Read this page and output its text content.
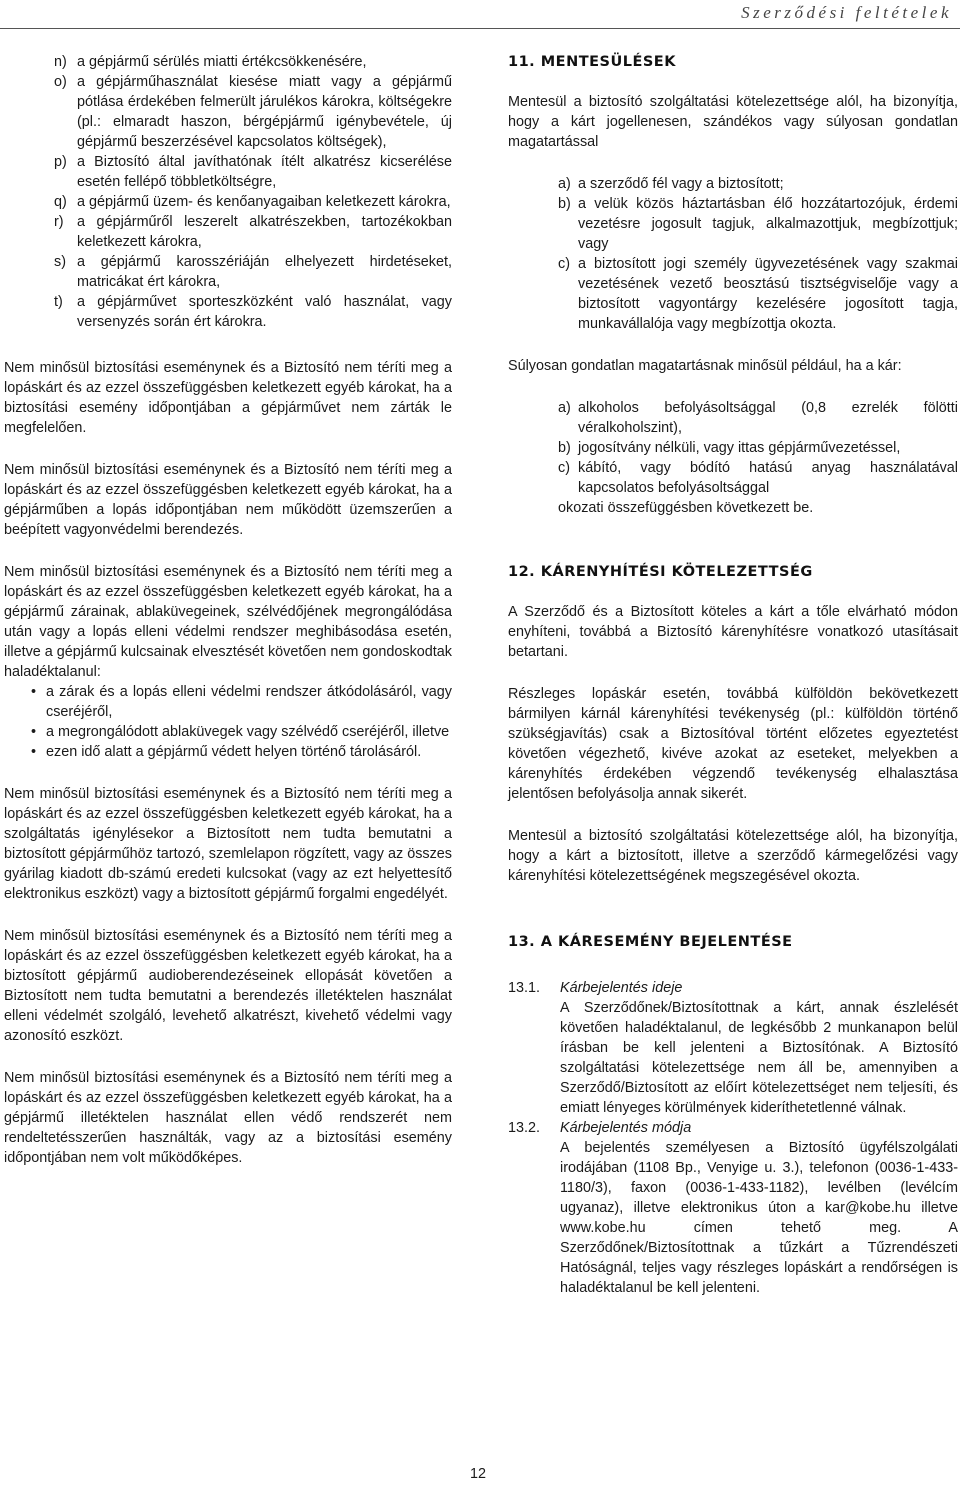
Szerződési feltételek
n) a gépjármű sérülés miatti értékcsökkenésére,
o) a gépjárműhasználat kiesése miatt vagy a gépjármű pótlása érdekében felmerült járulékos károkra, költségekre (pl.: elmaradt haszon, bérgépjármű igénybevétele, új gépjármű beszerzésével kapcsolatos költségek),
p) a Biztosító által javíthatónak ítélt alkatrész kicserélése esetén fellépő többletköltségre,
q) a gépjármű üzem- és kenőanyagaiban keletkezett károkra,
r) a gépjárműről leszerelt alkatrészekben, tartozékokban keletkezett károkra,
s) a gépjármű karosszériáján elhelyezett hirdetéseket, matricákat ért károkra,
t) a gépjárművet sporteszközként való használat, vagy versenyzés során ért károkra.

Nem minősül biztosítási eseménynek és a Biztosító nem téríti meg a lopáskárt és az ezzel összefüggésben keletkezett egyéb károkat, ha a biztosítási esemény időpontjában a gépjárművet nem zárták le megfelelően.

Nem minősül biztosítási eseménynek és a Biztosító nem téríti meg a lopáskárt és az ezzel összefüggésben keletkezett egyéb károkat, ha a gépjárműben a lopás időpontjában nem működött üzemszerűen a beépített vagyonvédelmi berendezés.

Nem minősül biztosítási eseménynek és a Biztosító nem téríti meg a lopáskárt és az ezzel összefüggésben keletkezett egyéb károkat, ha a gépjármű zárainak, ablaküvegeinek, szélvédőjének megrongálódása után vagy a lopás elleni védelmi rendszer meghibásodása esetén, illetve a gépjármű kulcsainak elvesztését követően nem gondoskodtak haladéktalanul:

• a zárak és a lopás elleni védelmi rendszer átkódolásáról, vagy cseréjéről,
• a megrongálódott ablaküvegek vagy szélvédő cseréjéről, illetve
• ezen idő alatt a gépjármű védett helyen történő tárolásáról.

Nem minősül biztosítási eseménynek és a Biztosító nem téríti meg a lopáskárt és az ezzel összefüggésben keletkezett egyéb károkat, ha a szolgáltatás igénylésekor a Biztosított nem tudta bemutatni a biztosított gépjárműhöz tartozó, szemlelapon rögzített, vagy az összes gyárilag kiadott db-számú eredeti kulcsokat (vagy az ezt helyettesítő elektronikus eszközt) vagy a biztosított gépjármű forgalmi engedélyét.

Nem minősül biztosítási eseménynek és a Biztosító nem téríti meg a lopáskárt és az ezzel összefüggésben keletkezett egyéb károkat, ha a biztosított gépjármű audioberendezéseinek ellopását követően a Biztosított nem tudta bemutatni a berendezés illetéktelen használat elleni védelmét szolgáló, levehető alkatrészt, kivehető védelmi vagy azonosító eszközt.

Nem minősül biztosítási eseménynek és a Biztosító nem téríti meg a lopáskárt és az ezzel összefüggésben keletkezett egyéb károkat, ha a gépjármű illetéktelen használat ellen védő rendszerét nem rendeltetésszerűen használták, vagy az a biztosítási esemény időpontjában nem volt működőképes.

11. MENTESÜLÉSEK

Mentesül a biztosító szolgáltatási kötelezettsége alól, ha bizonyítja, hogy a kárt jogellenesen, szándékos vagy súlyosan gondatlan magatartással

a) a szerződő fél vagy a biztosított;
b) a velük közös háztartásban élő hozzátartozójuk, érdemi vezetésre jogosult tagjuk, alkalmazottjuk, megbízottjuk; vagy
c) a biztosított jogi személy ügyvezetésének vagy szakmai vezetésének vezető beosztású tisztségviselője vagy a biztosított vagyontárgy kezelésére jogosított tagja, munkavállalója vagy megbízottja okozta.

Súlyosan gondatlan magatartásnak minősül például, ha a kár:

a) alkoholos befolyásoltsággal (0,8 ezrelék fölötti véralkoholszint),
b) jogosítvány nélküli, vagy ittas gépjárművezetéssel,
c) kábító, vagy bódító hatású anyag használatával kapcsolatos befolyásoltsággal
okozati összefüggésben következett be.
12. KÁRENYHÍTÉSI KÖTELEZETTSÉG

A Szerződő és a Biztosított köteles a kárt a tőle elvárható módon enyhíteni, továbbá a Biztosító kárenyhítésre vonatkozó utasításait betartani.

Részleges lopáskár esetén, továbbá külföldön bekövetkezett bármilyen kárnál kárenyhítési tevékenység (pl.: külföldön történő szükségjavítás) csak a Biztosítóval történt előzetes egyeztetést követően végezhető, kivéve azokat az eseteket, melyekben a kárenyhítés érdekében végzendő tevékenység elhalasztása jelentősen befolyásolja annak sikerét.

Mentesül a biztosító szolgáltatási kötelezettsége alól, ha bizonyítja, hogy a kárt a biztosított, illetve a szerződő kármegelőzési vagy kárenyhítési kötelezettségének megszegésével okozta.

13. A KÁRESEMÉNY BEJELENTÉSE
13.1.	Kárbejelentés ideje

A Szerződőnek/Biztosítottnak a kárt, annak észlelését követően haladéktalanul, de legkésőbb 2 munkanapon belül írásban be kell jelenteni a Biztosítónak. A Biztosító szolgáltatási kötelezettsége nem áll be, amennyiben a Szerződő/Biztosított az előírt kötelezettséget nem teljesíti, és emiatt lényeges körülmények kideríthetetlenné válnak.

13.2.	Kárbejelentés módja

A bejelentés személyesen a Biztosító ügyfélszolgálati irodájában (1108 Bp., Venyige u. 3.), telefonon (0036-1-433-1180/3), faxon (0036-1-433-1182), levélben (levélcím ugyanaz), illetve elektronikus úton a kar@kobe.hu illetve www.kobe.hu címen tehető meg. A Szerződőnek/Biztosítottnak a tűzkárt a Tűzrendészeti Hatóságnál, teljes vagy részleges lopáskárt a rendőrségen is haladéktalanul be kell jelenteni.

12
